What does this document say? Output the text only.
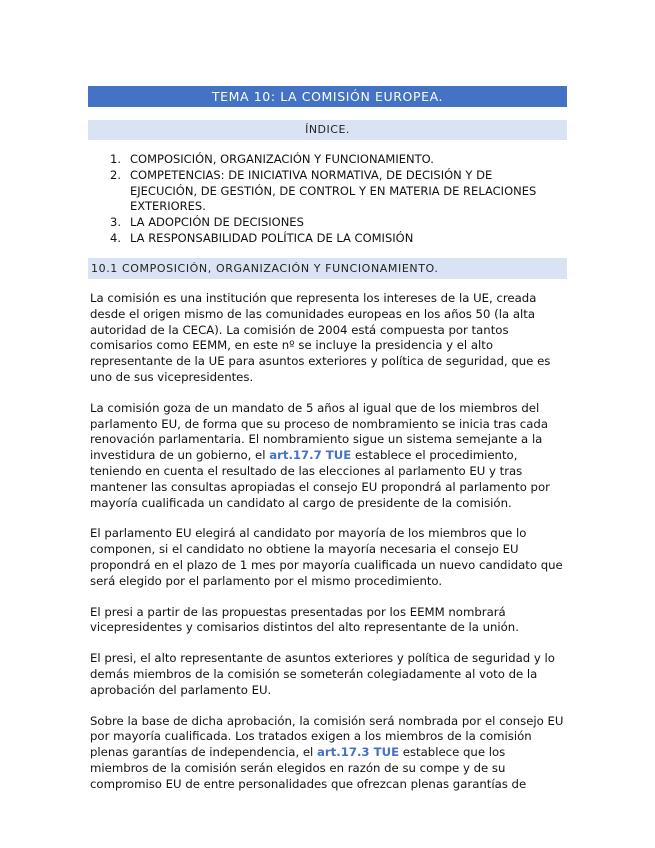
TEMA 10: LA COMISIÓN EUROPEA.
ÍNDICE.
1. COMPOSICIÓN, ORGANIZACIÓN Y FUNCIONAMIENTO.
2. COMPETENCIAS: DE INICIATIVA NORMATIVA, DE DECISIÓN Y DE EJECUCIÓN, DE GESTIÓN, DE CONTROL Y EN MATERIA DE RELACIONES EXTERIORES.
3. LA ADOPCIÓN DE DECISIONES
4. LA RESPONSABILIDAD POLÍTICA DE LA COMISIÓN
10.1 COMPOSICIÓN, ORGANIZACIÓN Y FUNCIONAMIENTO.

La comisión es una institución que representa los intereses de la UE, creada desde el origen mismo de las comunidades europeas en los años 50 (la alta autoridad de la CECA). La comisión de 2004 está compuesta por tantos comisarios como EEMM, en este nº se incluye la presidencia y el alto representante de la UE para asuntos exteriores y política de seguridad, que es uno de sus vicepresidentes.

La comisión goza de un mandato de 5 años al igual que de los miembros del parlamento EU, de forma que su proceso de nombramiento se inicia tras cada renovación parlamentaria. El nombramiento sigue un sistema semejante a la investidura de un gobierno, el art.17.7 TUE establece el procedimiento, teniendo en cuenta el resultado de las elecciones al parlamento EU y tras mantener las consultas apropiadas el consejo EU propondrá al parlamento por mayoría cualificada un candidato al cargo de presidente de la comisión.

El parlamento EU elegirá al candidato por mayoría de los miembros que lo componen, si el candidato no obtiene la mayoría necesaria el consejo EU propondrá en el plazo de 1 mes por mayoría cualificada un nuevo candidato que será elegido por el parlamento por el mismo procedimiento.

El presi a partir de las propuestas presentadas por los EEMM nombrará vicepresidentes y comisarios distintos del alto representante de la unión.

El presi, el alto representante de asuntos exteriores y política de seguridad y lo demás miembros de la comisión se someterán colegiadamente al voto de la aprobación del parlamento EU.

Sobre la base de dicha aprobación, la comisión será nombrada por el consejo EU por mayoría cualificada. Los tratados exigen a los miembros de la comisión plenas garantías de independencia, el art.17.3 TUE establece que los miembros de la comisión serán elegidos en razón de su compe y de su compromiso EU de entre personalidades que ofrezcan plenas garantías de
